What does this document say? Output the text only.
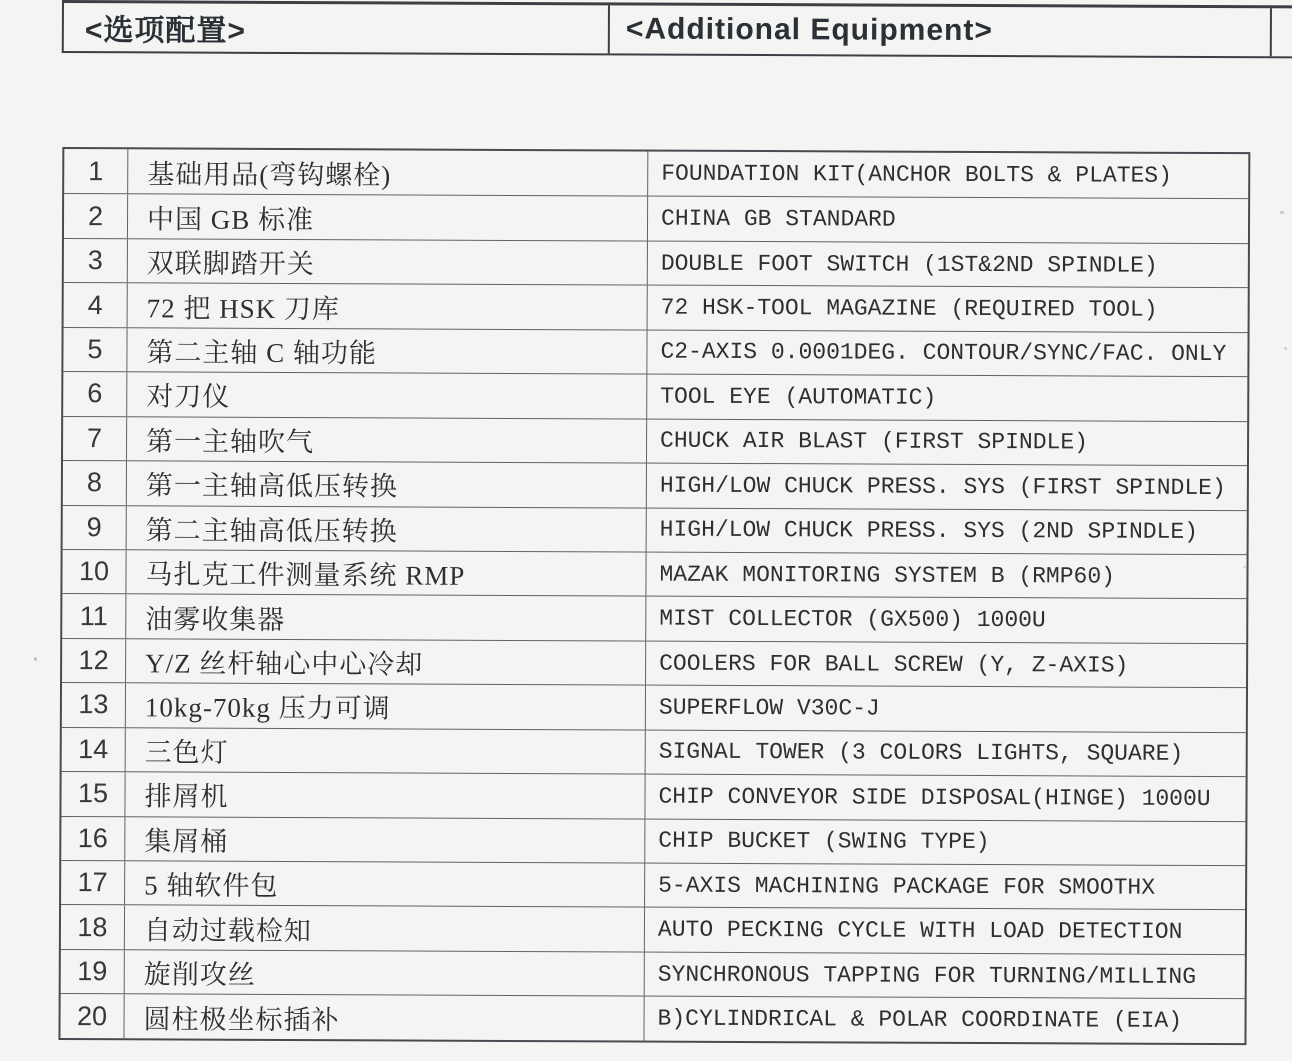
<选项配置>	<Additional Equipment>
1	基础用品(弯钩螺栓)	FOUNDATION KIT(ANCHOR BOLTS & PLATES)
2	中国 GB 标准	CHINA GB STANDARD
3	双联脚踏开关	DOUBLE FOOT SWITCH (1ST&2ND SPINDLE)
4	72 把 HSK 刀库	72 HSK-TOOL MAGAZINE (REQUIRED TOOL)
5	第二主轴 C 轴功能	C2-AXIS 0.0001DEG. CONTOUR/SYNC/FAC. ONLY
6	对刀仪	TOOL EYE (AUTOMATIC)
7	第一主轴吹气	CHUCK AIR BLAST (FIRST SPINDLE)
8	第一主轴高低压转换	HIGH/LOW CHUCK PRESS. SYS (FIRST SPINDLE)
9	第二主轴高低压转换	HIGH/LOW CHUCK PRESS. SYS (2ND SPINDLE)
10	马扎克工件测量系统 RMP	MAZAK MONITORING SYSTEM B (RMP60)
11	油雾收集器	MIST COLLECTOR (GX500) 1000U
12	Y/Z 丝杆轴心中心冷却	COOLERS FOR BALL SCREW (Y, Z-AXIS)
13	10kg-70kg 压力可调	SUPERFLOW V30C-J
14	三色灯	SIGNAL TOWER (3 COLORS LIGHTS, SQUARE)
15	排屑机	CHIP CONVEYOR SIDE DISPOSAL(HINGE) 1000U
16	集屑桶	CHIP BUCKET (SWING TYPE)
17	5 轴软件包	5-AXIS MACHINING PACKAGE FOR SMOOTHX
18	自动过载检知	AUTO PECKING CYCLE WITH LOAD DETECTION
19	旋削攻丝	SYNCHRONOUS TAPPING FOR TURNING/MILLING
20	圆柱极坐标插补	B)CYLINDRICAL & POLAR COORDINATE (EIA)
